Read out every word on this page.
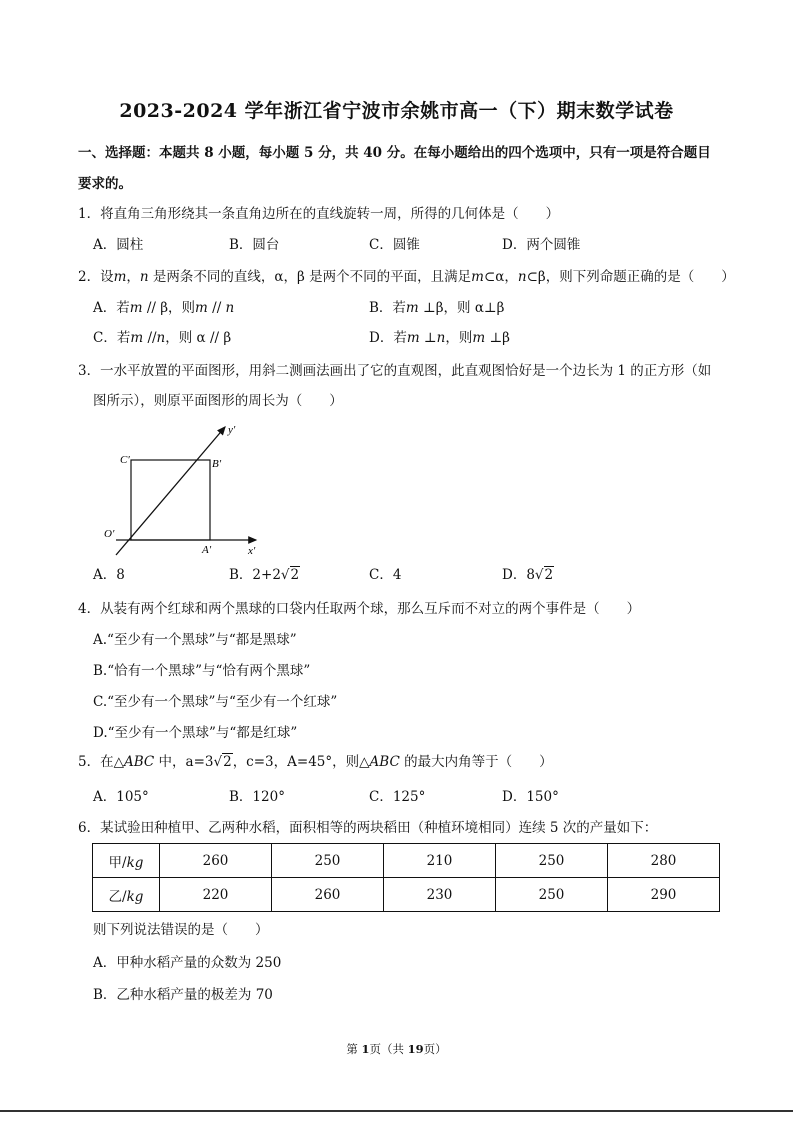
2023-2024 学年浙江省宁波市余姚市高一（下）期末数学试卷
一、选择题：本题共 8 小题，每小题 5 分，共 40 分。在每小题给出的四个选项中，只有一项是符合题目
要求的。
1．将直角三角形绕其一条直角边所在的直线旋转一周，所得的几何体是（　　）
A．圆柱	B．圆台	C．圆锥	D．两个圆锥
2．设m，n 是两条不同的直线，α，β 是两个不同的平面，且满足m⊂α，n⊂β，则下列命题正确的是（　　）
A．若m // β，则m // n	B．若m ⊥β，则 α⊥β
C．若m //n，则 α // β	D．若m ⊥n，则m ⊥β
3．一水平放置的平面图形，用斜二测画法画出了它的直观图，此直观图恰好是一个边长为 1 的正方形（如
图所示），则原平面图形的周长为（　　）
y′
x′
O′
A′
B′
C′
A．8	B．2+2√2	C．4	D．8√2
4．从装有两个红球和两个黑球的口袋内任取两个球，那么互斥而不对立的两个事件是（　　）
A.“至少有一个黑球”与“都是黑球”
B.“恰有一个黑球”与“恰有两个黑球”
C.“至少有一个黑球”与“至少有一个红球”
D.“至少有一个黑球”与“都是红球”
5．在△ABC 中，a=3√2，c=3，A=45°，则△ABC 的最大内角等于（　　）
A．105°	B．120°	C．125°	D．150°
6．某试验田种植甲、乙两种水稻，面积相等的两块稻田（种植环境相同）连续 5 次的产量如下：
甲/kg	260	250	210	250	280
乙/kg	220	260	230	250	290
则下列说法错误的是（　　）
A．甲种水稻产量的众数为 250
B．乙种水稻产量的极差为 70
第 1页（共 19页）
